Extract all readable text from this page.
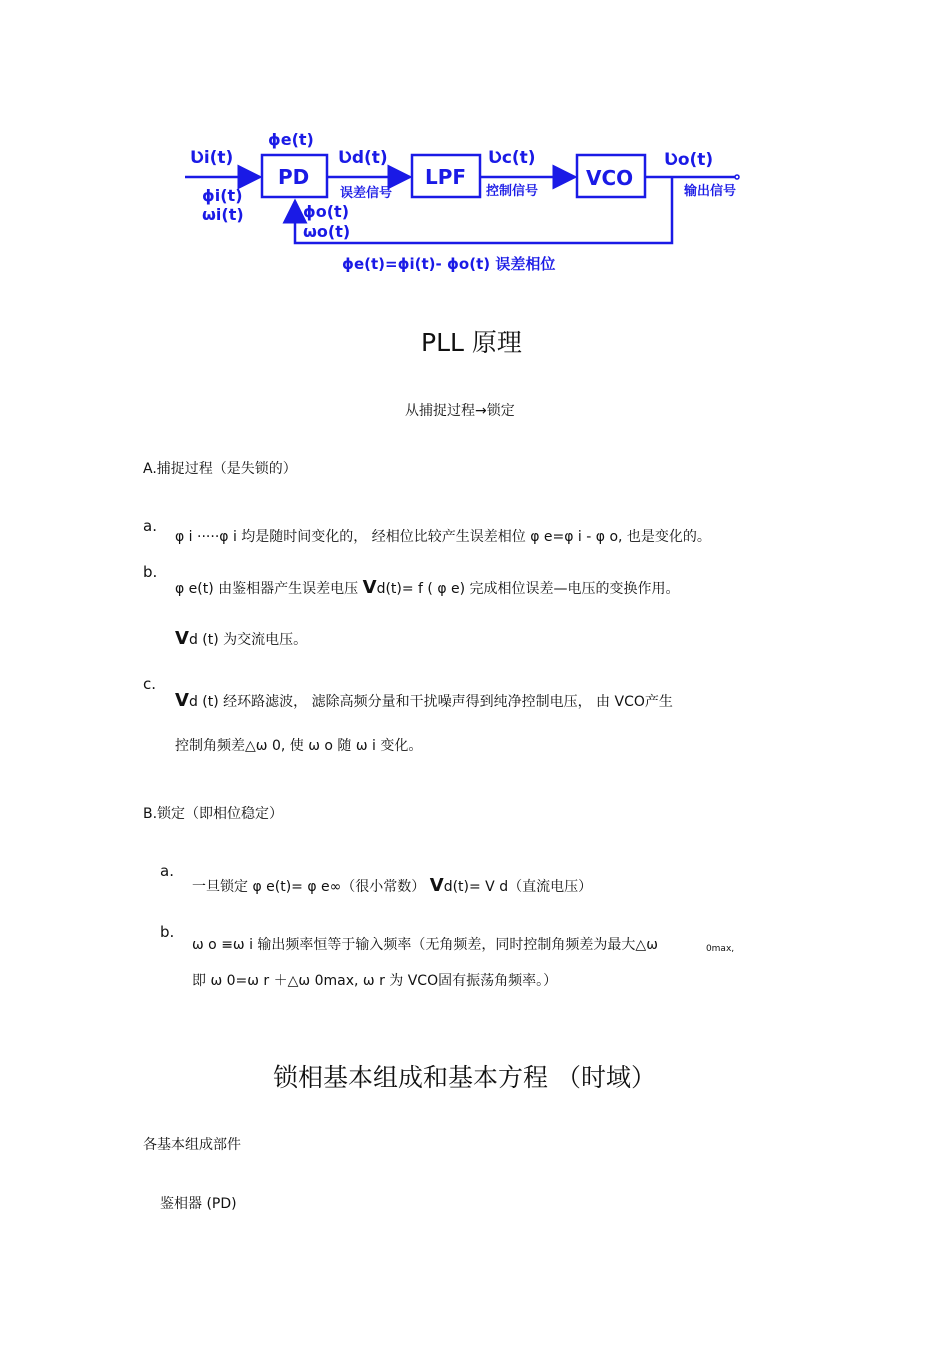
PD	LPF	VCO
ɸe(t)
Ʋi(t)
ɸi(t)
ωi(t)
Ʋd(t)
误差信号
Ʋc(t)
控制信号
Ʋo(t)
输出信号
ɸo(t)
ωo(t)
ɸe(t)=ɸi(t)- ɸo(t) 误差相位
PLL 原理
从捕捉过程→锁定
A.捕捉过程（是失锁的）
a.
φ i ·····φ i 均是随时间变化的， 经相位比较产生误差相位 φ e=φ i - φ o, 也是变化的。
b.
φ e(t) 由鉴相器产生误差电压 Vd(t)= f ( φ e) 完成相位误差—电压的变换作用。
Vd (t) 为交流电压。
c.
Vd (t) 经环路滤波， 滤除高频分量和干扰噪声得到纯净控制电压， 由 VCO产生
控制角频差△ω 0, 使 ω o 随 ω i 变化。
B.锁定（即相位稳定）
a.
一旦锁定 φ e(t)= φ e∞（很小常数） Vd(t)= V d（直流电压）
b.
ω o ≡ω i 输出频率恒等于输入频率（无角频差，同时控制角频差为最大△ω	0max,
即 ω 0=ω r ＋△ω 0max, ω r 为 VCO固有振荡角频率。）
锁相基本组成和基本方程 （时域）
各基本组成部件
鉴相器 (PD)
